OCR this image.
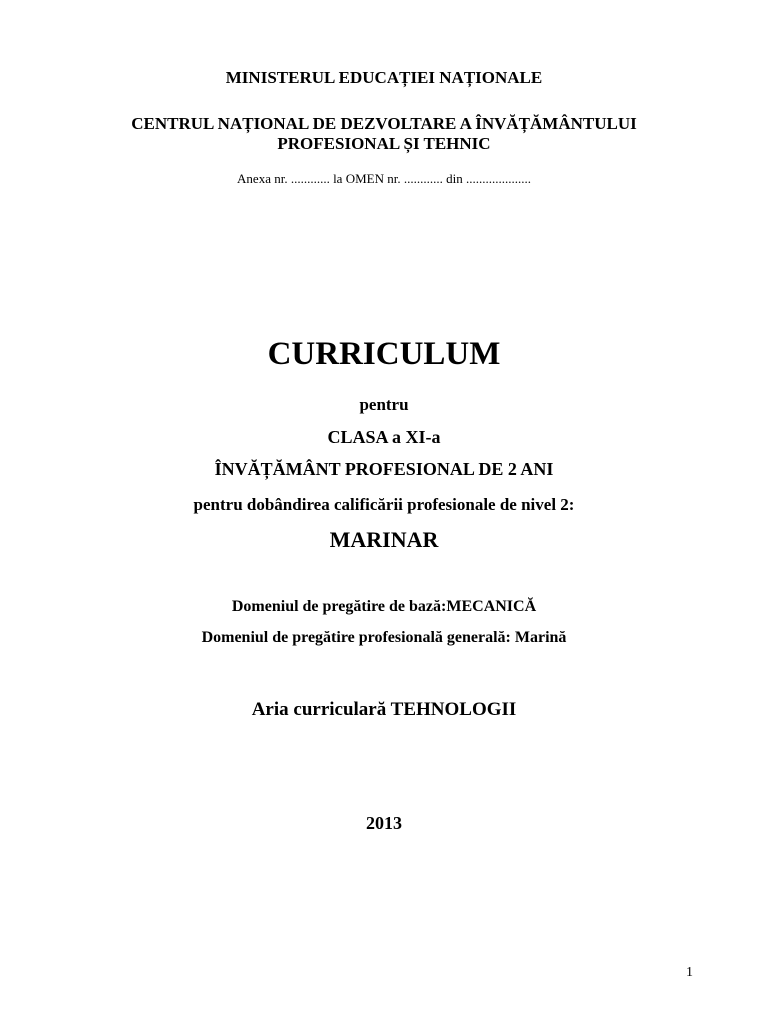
MINISTERUL EDUCAȚIEI NAȚIONALE
CENTRUL NAȚIONAL DE DEZVOLTARE A ÎNVĂȚĂMÂNTULUI
PROFESIONAL ȘI TEHNIC
Anexa nr. ............ la OMEN nr. ............ din ....................
CURRICULUM
pentru
CLASA a XI-a
ÎNVĂȚĂMÂNT PROFESIONAL DE 2 ANI
pentru dobândirea calificării profesionale de nivel 2:
MARINAR
Domeniul de pregătire de bază:MECANICĂ
Domeniul de pregătire profesională generală: Marină
Aria curriculară TEHNOLOGII
2013
1
